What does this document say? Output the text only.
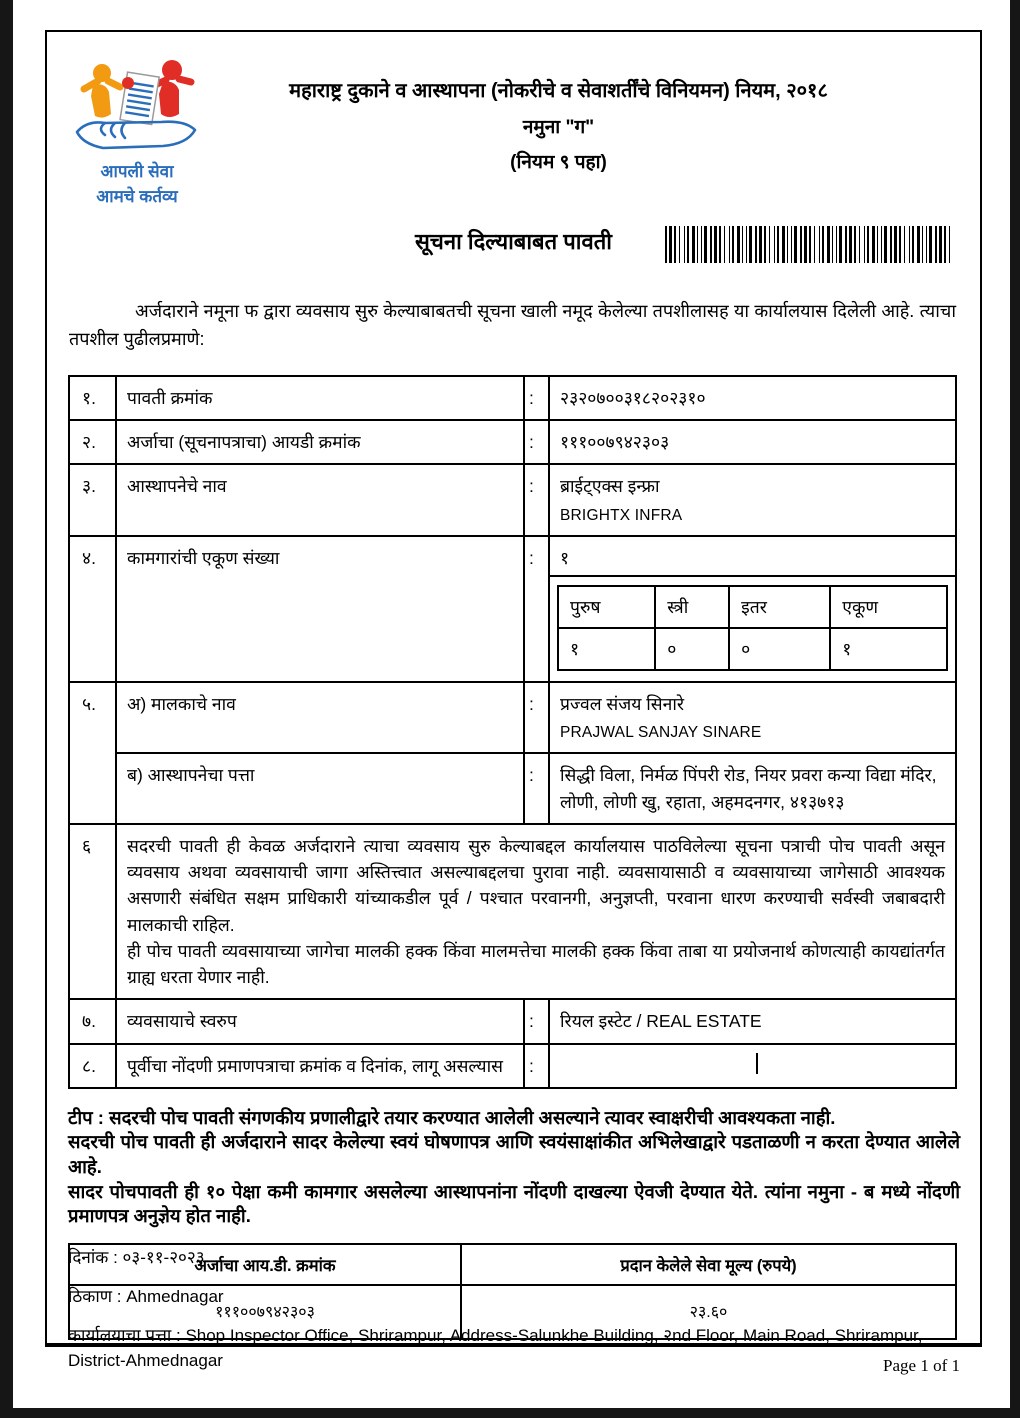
आपली सेवा
आमचे कर्तव्य
महाराष्ट्र दुकाने व आस्थापना (नोकरीचे व सेवाशर्तींचे विनियमन) नियम, २०१८
नमुना "ग"
(नियम ९ पहा)
सूचना दिल्याबाबत पावती
अर्जदाराने नमूना फ द्वारा व्यवसाय सुरु केल्याबाबतची सूचना खाली नमूद केलेल्या तपशीलासह या कार्यालयास दिलेली आहे. त्याचा तपशील पुढीलप्रमाणे:
१.	पावती क्रमांक	:	२३२०७००३१८२०२३१०
२.	अर्जाचा (सूचनापत्राचा) आयडी क्रमांक	:	१११००७९४२३०३
३.	आस्थापनेचे नाव	:	ब्राईट्एक्स इन्फ्रा
BRIGHTX INFRA

४.	कामगारांची एकूण संख्या	:	१
पुरुष	स्त्री	इतर	एकूण
१	०	०	१

५.	अ) मालकाचे नाव	:	प्रज्वल संजय सिनारे
PRAJWAL SANJAY SINARE

ब) आस्थापनेचा पत्ता	:	सिद्धी विला, निर्मळ पिंपरी रोड, नियर प्रवरा कन्या विद्या मंदिर, लोणी, लोणी खु, रहाता, अहमदनगर, ४१३७१३
६	सदरची पावती ही केवळ अर्जदाराने त्याचा व्यवसाय सुरु केल्याबद्दल कार्यालयास पाठविलेल्या सूचना पत्राची पोच पावती असून व्यवसाय अथवा व्यवसायाची जागा अस्तित्त्वात असल्याबद्दलचा पुरावा नाही. व्यवसायासाठी व व्यवसायाच्या जागेसाठी आवश्यक असणारी संबंधित सक्षम प्राधिकारी यांच्याकडील पूर्व / पश्चात परवानगी, अनुज्ञप्ती, परवाना धारण करण्याची सर्वस्वी जबाबदारी मालकाची राहिल.

ही पोच पावती व्यवसायाच्या जागेचा मालकी हक्क किंवा मालमत्तेचा मालकी हक्क किंवा ताबा या प्रयोजनार्थ कोणत्याही कायद्यांतर्गत ग्राह्य धरता येणार नाही.

७.	व्यवसायाचे स्वरुप	:	रियल इस्टेट / REAL ESTATE
८.	पूर्वीचा नोंदणी प्रमाणपत्राचा क्रमांक व दिनांक, लागू असल्यास	:	
टीप : सदरची पोच पावती संगणकीय प्रणालीद्वारे तयार करण्यात आलेली असल्याने त्यावर स्वाक्षरीची आवश्यकता नाही.
सदरची पोच पावती ही अर्जदाराने सादर केलेल्या स्वयं घोषणापत्र आणि स्वयंसाक्षांकीत अभिलेखाद्वारे पडताळणी न करता देण्यात आलेले आहे.
सादर पोचपावती ही १० पेक्षा कमी कामगार असलेल्या आस्थापनांना नोंदणी दाखल्या ऐवजी देण्यात येते. त्यांना नमुना - ब मध्ये नोंदणी प्रमाणपत्र अनुज्ञेय होत नाही.
दिनांक : ०३-११-२०२३
ठिकाण : Ahmednagar
कार्यालयाचा पत्ता : Shop Inspector Office, Shrirampur, Address-Salunkhe Building, २nd Floor, Main Road, Shrirampur, District-Ahmednagar
अर्जाचा आय.डी. क्रमांक	प्रदान केलेले सेवा मूल्य (रुपये)
१११००७९४२३०३	२३.६०
Page 1 of 1
